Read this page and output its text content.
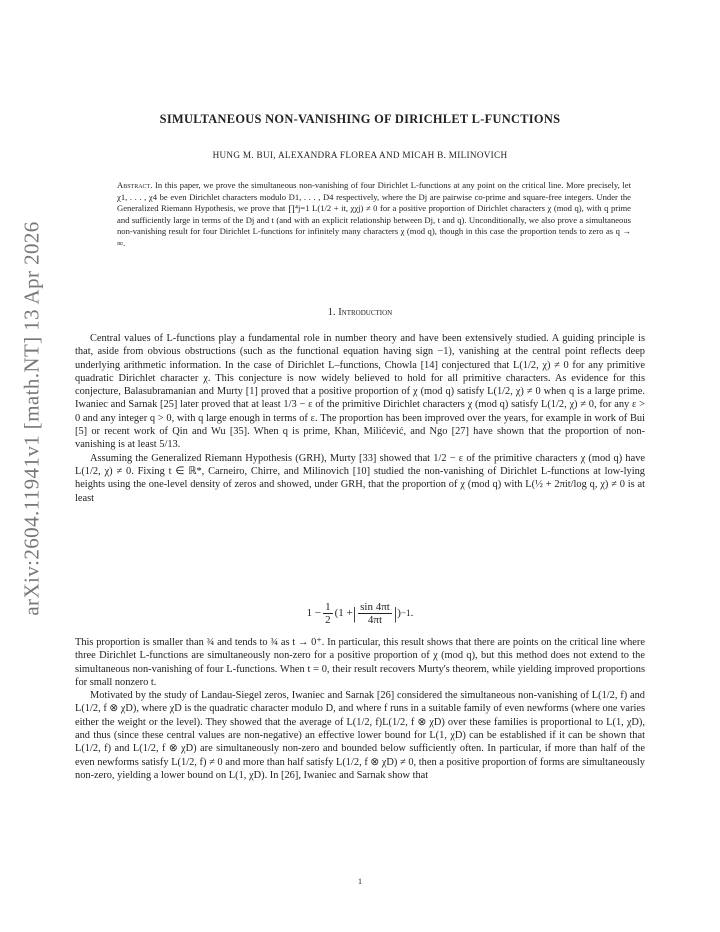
arXiv:2604.11941v1 [math.NT] 13 Apr 2026
SIMULTANEOUS NON-VANISHING OF DIRICHLET L-FUNCTIONS
HUNG M. BUI, ALEXANDRA FLOREA AND MICAH B. MILINOVICH
Abstract. In this paper, we prove the simultaneous non-vanishing of four Dirichlet L-functions at any point on the critical line. More precisely, let χ1, . . . , χ4 be even Dirichlet characters modulo D1, . . . , D4 respectively, where the Dj are pairwise co-prime and square-free integers. Under the Generalized Riemann Hypothesis, we prove that ∏⁴j=1 L(1/2 + it, χχj) ≠ 0 for a positive proportion of Dirichlet characters χ (mod q), with q prime and sufficiently large in terms of the Dj and t (and with an explicit relationship between Dj, t and q). Unconditionally, we also prove a simultaneous non-vanishing result for four Dirichlet L-functions for infinitely many characters χ (mod q), though in this case the proportion tends to zero as q → ∞.
1. Introduction

Central values of L-functions play a fundamental role in number theory and have been extensively studied. A guiding principle is that, aside from obvious obstructions (such as the functional equation having sign −1), vanishing at the central point reflects deep underlying arithmetic information. In the case of Dirichlet L–functions, Chowla [14] conjectured that L(1/2, χ) ≠ 0 for any primitive quadratic Dirichlet character χ. This conjecture is now widely believed to hold for all primitive characters. As evidence for this conjecture, Balasubramanian and Murty [1] proved that a positive proportion of χ (mod q) satisfy L(1/2, χ) ≠ 0 when q is a large prime. Iwaniec and Sarnak [25] later proved that at least 1/3 − ε of the primitive Dirichlet characters χ (mod q) satisfy L(1/2, χ) ≠ 0, for any ε > 0 and any integer q > 0, with q large enough in terms of ε. The proportion has been improved over the years, for example in work of Bui [5] or recent work of Qin and Wu [35]. When q is prime, Khan, Milićević, and Ngo [27] have shown that the proportion of non-vanishing is at least 5/13.

Assuming the Generalized Riemann Hypothesis (GRH), Murty [33] showed that 1/2 − ε of the primitive characters χ (mod q) have L(1/2, χ) ≠ 0. Fixing t ∈ ℝ*, Carneiro, Chirre, and Milinovich [10] studied the non-vanishing of Dirichlet L-functions at low-lying heights using the one-level density of zeros and showed, under GRH, that the proportion of χ (mod q) with L(½ + 2πit/log q, χ) ≠ 0 is at least

$1 - \frac{1}{2} (1$ + | $\frac{\sin 4\pi t}{4\pi t}$ | ) −1 .

This proportion is smaller than ¾ and tends to ¾ as t → 0⁺. In particular, this result shows that there are points on the critical line where three Dirichlet L-functions are simultaneously non-zero for a positive proportion of χ (mod q), but this method does not extend to the simultaneous non-vanishing of four L-functions. When t = 0, their result recovers Murty's theorem, while yielding improved proportions for small nonzero t.

Motivated by the study of Landau-Siegel zeros, Iwaniec and Sarnak [26] considered the simultaneous non-vanishing of L(1/2, f) and L(1/2, f ⊗ χD), where χD is the quadratic character modulo D, and where f runs in a suitable family of even newforms (where one varies either the weight or the level). They showed that the average of L(1/2, f)L(1/2, f ⊗ χD) over these families is proportional to L(1, χD), and thus (since these central values are non-negative) an effective lower bound for L(1, χD) can be established if it can be shown that L(1/2, f) and L(1/2, f ⊗ χD) are simultaneously non-zero and bounded below sufficiently often. In particular, if more than half of the even newforms satisfy L(1/2, f) ≠ 0 and more than half satisfy L(1/2, f ⊗ χD) ≠ 0, then a positive proportion of forms are simultaneously non-zero, yielding a lower bound on L(1, χD). In [26], Iwaniec and Sarnak show that

1
